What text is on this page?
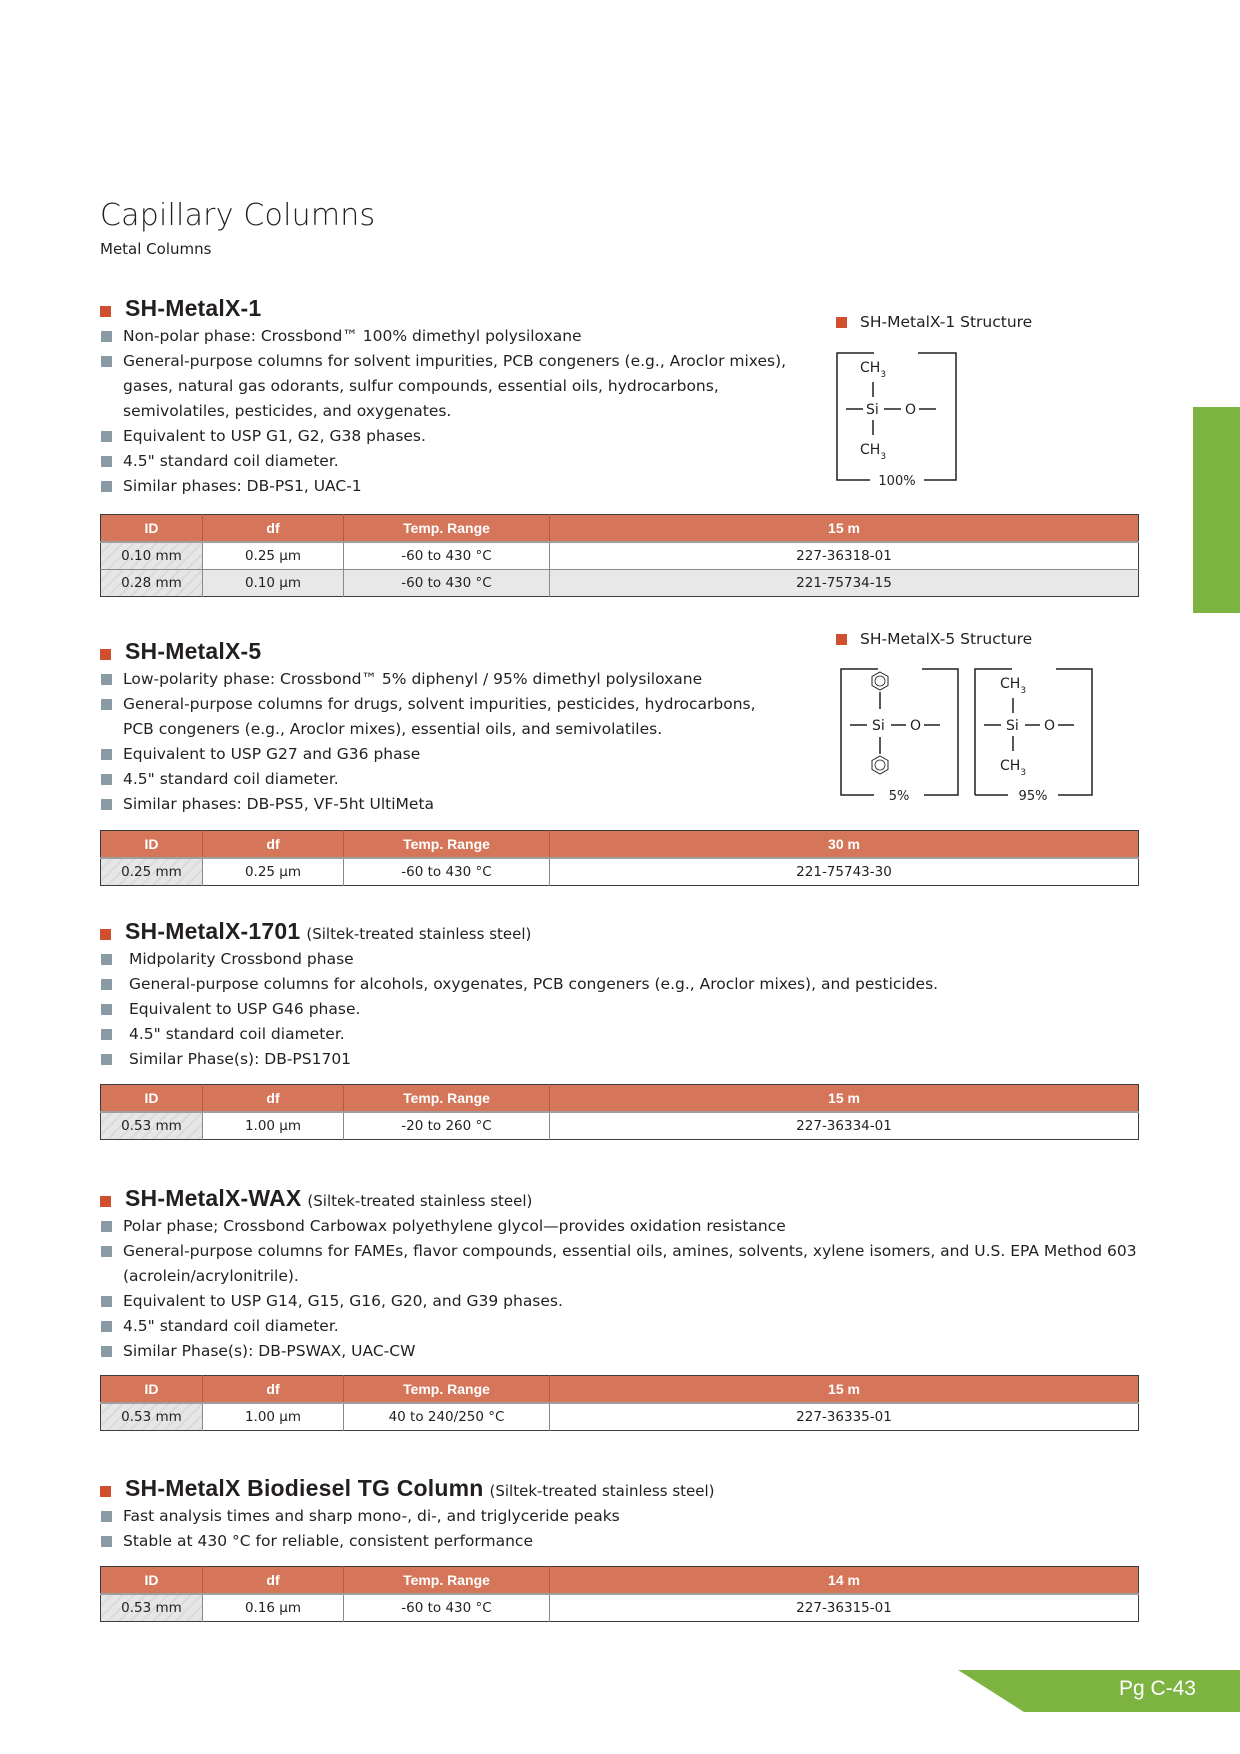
Capillary Columns
Metal Columns
SH-MetalX-1
Non-polar phase: Crossbond™ 100% dimethyl polysiloxane
General-purpose columns for solvent impurities, PCB congeners (e.g., Aroclor mixes), gases, natural gas odorants, sulfur compounds, essential oils, hydrocarbons, semivolatiles, pesticides, and oxygenates.
Equivalent to USP G1, G2, G38 phases.
4.5" standard coil diameter.
Similar phases: DB-PS1, UAC-1
ID	df	Temp. Range	15 m
0.10 mm	0.25 µm	-60 to 430 °C	227-36318-01
0.28 mm	0.10 µm	-60 to 430 °C	221-75734-15
SH-MetalX-1 Structure
$CH_3$
Si O
$CH_3$
100%
SH-MetalX-5
Low-polarity phase: Crossbond™ 5% diphenyl / 95% dimethyl polysiloxane
General-purpose columns for drugs, solvent impurities, pesticides, hydrocarbons, PCB congeners (e.g., Aroclor mixes), essential oils, and semivolatiles.
Equivalent to USP G27 and G36 phase
4.5" standard coil diameter.
Similar phases: DB-PS5, VF-5ht UltiMeta
ID	df	Temp. Range	30 m
0.25 mm	0.25 µm	-60 to 430 °C	221-75743-30
SH-MetalX-5 Structure
Si O
5%
$CH_3$
Si O
$CH_3$
95%
SH-MetalX-1701 (Siltek-treated stainless steel)
Midpolarity Crossbond phase
General-purpose columns for alcohols, oxygenates, PCB congeners (e.g., Aroclor mixes), and pesticides.
Equivalent to USP G46 phase.
4.5" standard coil diameter.
Similar Phase(s): DB-PS1701
ID	df	Temp. Range	15 m
0.53 mm	1.00 µm	-20 to 260 °C	227-36334-01
SH-MetalX-WAX (Siltek-treated stainless steel)
Polar phase; Crossbond Carbowax polyethylene glycol—provides oxidation resistance
General-purpose columns for FAMEs, flavor compounds, essential oils, amines, solvents, xylene isomers, and U.S. EPA Method 603 (acrolein/acrylonitrile).
Equivalent to USP G14, G15, G16, G20, and G39 phases.
4.5" standard coil diameter.
Similar Phase(s): DB-PSWAX, UAC-CW
ID	df	Temp. Range	15 m
0.53 mm	1.00 µm	40 to 240/250 °C	227-36335-01
SH-MetalX Biodiesel TG Column (Siltek-treated stainless steel)
Fast analysis times and sharp mono-, di-, and triglyceride peaks
Stable at 430 °C for reliable, consistent performance
ID	df	Temp. Range	14 m
0.53 mm	0.16 µm	-60 to 430 °C	227-36315-01
Pg C-43
